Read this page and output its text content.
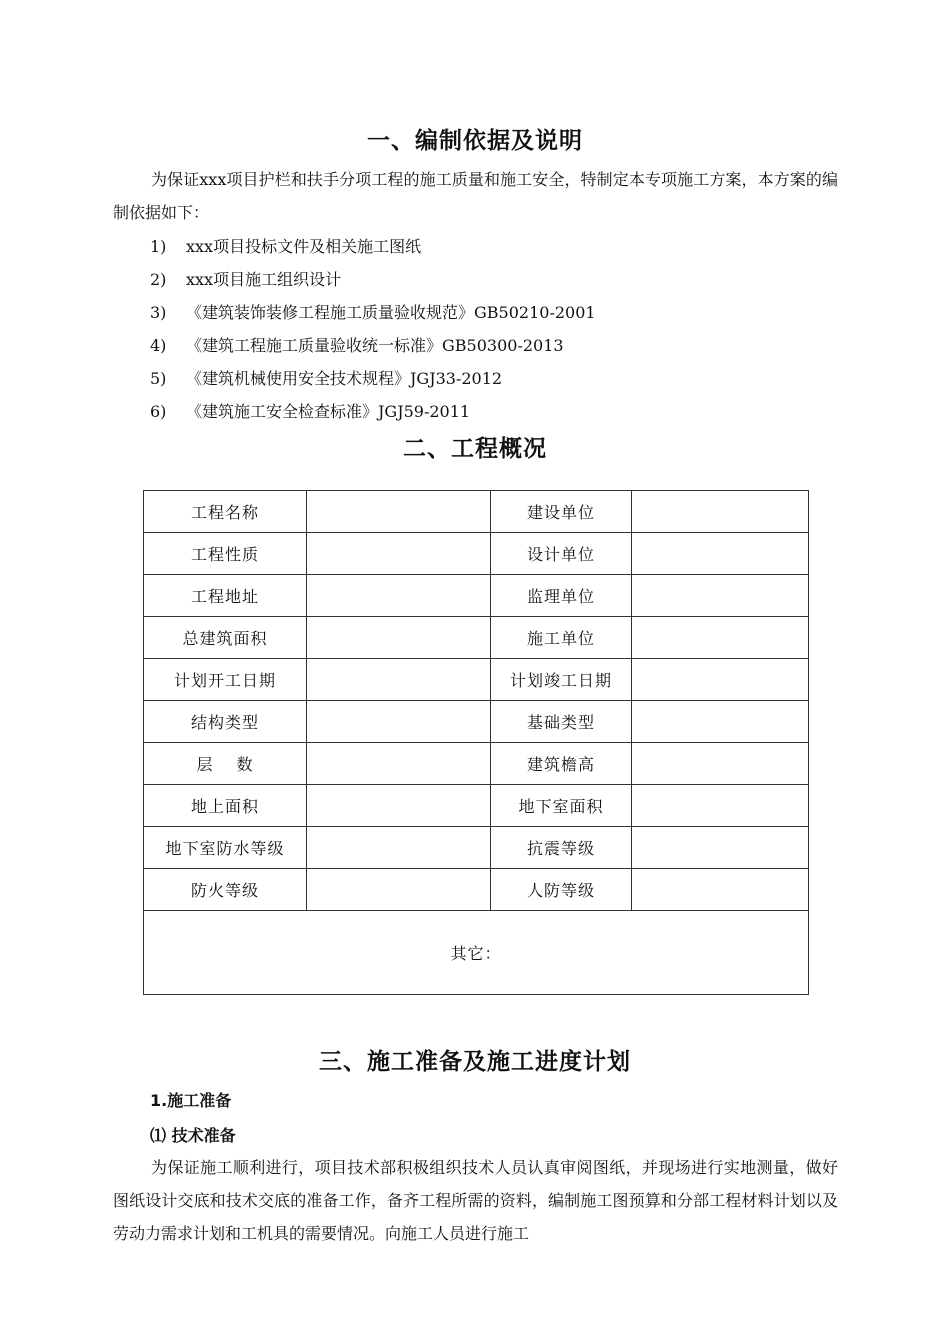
一、编制依据及说明

为保证xxx项目护栏和扶手分项工程的施工质量和施工安全，特制定本专项施工方案，本方案的编制依据如下：

1) xxx项目投标文件及相关施工图纸
2) xxx项目施工组织设计
3) 《建筑装饰装修工程施工质量验收规范》GB50210-2001
4) 《建筑工程施工质量验收统一标准》GB50300-2013
5) 《建筑机械使用安全技术规程》JGJ33-2012
6) 《建筑施工安全检查标准》JGJ59-2011
二、工程概况
工程名称		建设单位	
工程性质		设计单位	
工程地址		监理单位	
总建筑面积		施工单位	
计划开工日期		计划竣工日期	
结构类型		基础类型	
层　 数		建筑檐高	
地上面积		地下室面积	
地下室防水等级		抗震等级	
防火等级		人防等级	
其它：			
三、施工准备及施工进度计划
1.施工准备
⑴ 技术准备

为保证施工顺利进行，项目技术部积极组织技术人员认真审阅图纸，并现场进行实地测量，做好图纸设计交底和技术交底的准备工作，备齐工程所需的资料，编制施工图预算和分部工程材料计划以及劳动力需求计划和工机具的需要情况。向施工人员进行施工
